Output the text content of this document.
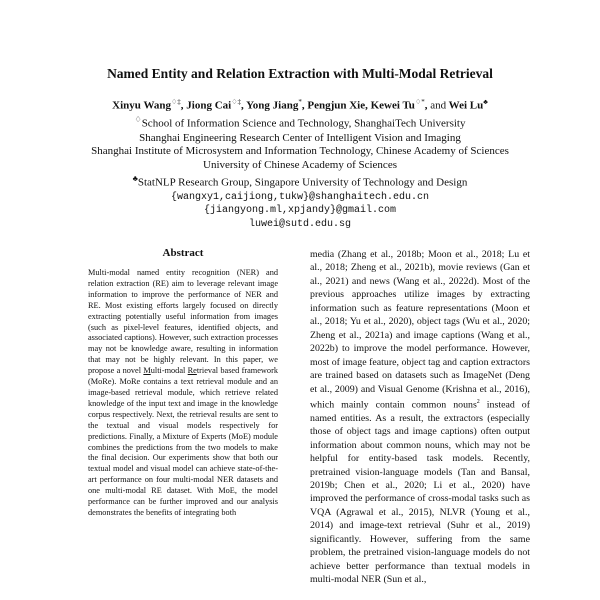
Named Entity and Relation Extraction with Multi-Modal Retrieval
Xinyu Wang♢‡, Jiong Cai♢‡, Yong Jiang*, Pengjun Xie, Kewei Tu♢*, and Wei Lu♣
♢School of Information Science and Technology, ShanghaiTech University
Shanghai Engineering Research Center of Intelligent Vision and Imaging
Shanghai Institute of Microsystem and Information Technology, Chinese Academy of Sciences
University of Chinese Academy of Sciences
♣StatNLP Research Group, Singapore University of Technology and Design
{wangxy1,caijiong,tukw}@shanghaitech.edu.cn
{jiangyong.ml,xpjandy}@gmail.com
luwei@sutd.edu.sg
Abstract
Multi-modal named entity recognition (NER) and relation extraction (RE) aim to leverage relevant image information to improve the performance of NER and RE. Most existing efforts largely focused on directly extracting potentially useful information from images (such as pixel-level features, identified objects, and associated captions). However, such extraction processes may not be knowledge aware, resulting in information that may not be highly relevant. In this paper, we propose a novel Multi-modal Retrieval based framework (MoRe). MoRe contains a text retrieval module and an image-based retrieval module, which retrieve related knowledge of the input text and image in the knowledge corpus respectively. Next, the retrieval results are sent to the textual and visual models respectively for predictions. Finally, a Mixture of Experts (MoE) module combines the predictions from the two models to make the final decision. Our experiments show that both our textual model and visual model can achieve state-of-the-art performance on four multi-modal NER datasets and one multi-modal RE dataset. With MoE, the model performance can be further improved and our analysis demonstrates the benefits of integrating both
media (Zhang et al., 2018b; Moon et al., 2018; Lu et al., 2018; Zheng et al., 2021b), movie reviews (Gan et al., 2021) and news (Wang et al., 2022d). Most of the previous approaches utilize images by extracting information such as feature representations (Moon et al., 2018; Yu et al., 2020), object tags (Wu et al., 2020; Zheng et al., 2021a) and image captions (Wang et al., 2022b) to improve the model performance. However, most of image feature, object tag and caption extractors are trained based on datasets such as ImageNet (Deng et al., 2009) and Visual Genome (Krishna et al., 2016), which mainly contain common nouns$^2$ instead of named entities. As a result, the extractors (especially those of object tags and image captions) often output information about common nouns, which may not be helpful for entity-based task models. Recently, pretrained vision-language models (Tan and Bansal, 2019b; Chen et al., 2020; Li et al., 2020) have improved the performance of cross-modal tasks such as VQA (Agrawal et al., 2015), NLVR (Young et al., 2014) and image-text retrieval (Suhr et al., 2019) significantly. However, suffering from the same problem, the pretrained vision-language models do not achieve better performance than textual models in multi-modal NER (Sun et al.,
